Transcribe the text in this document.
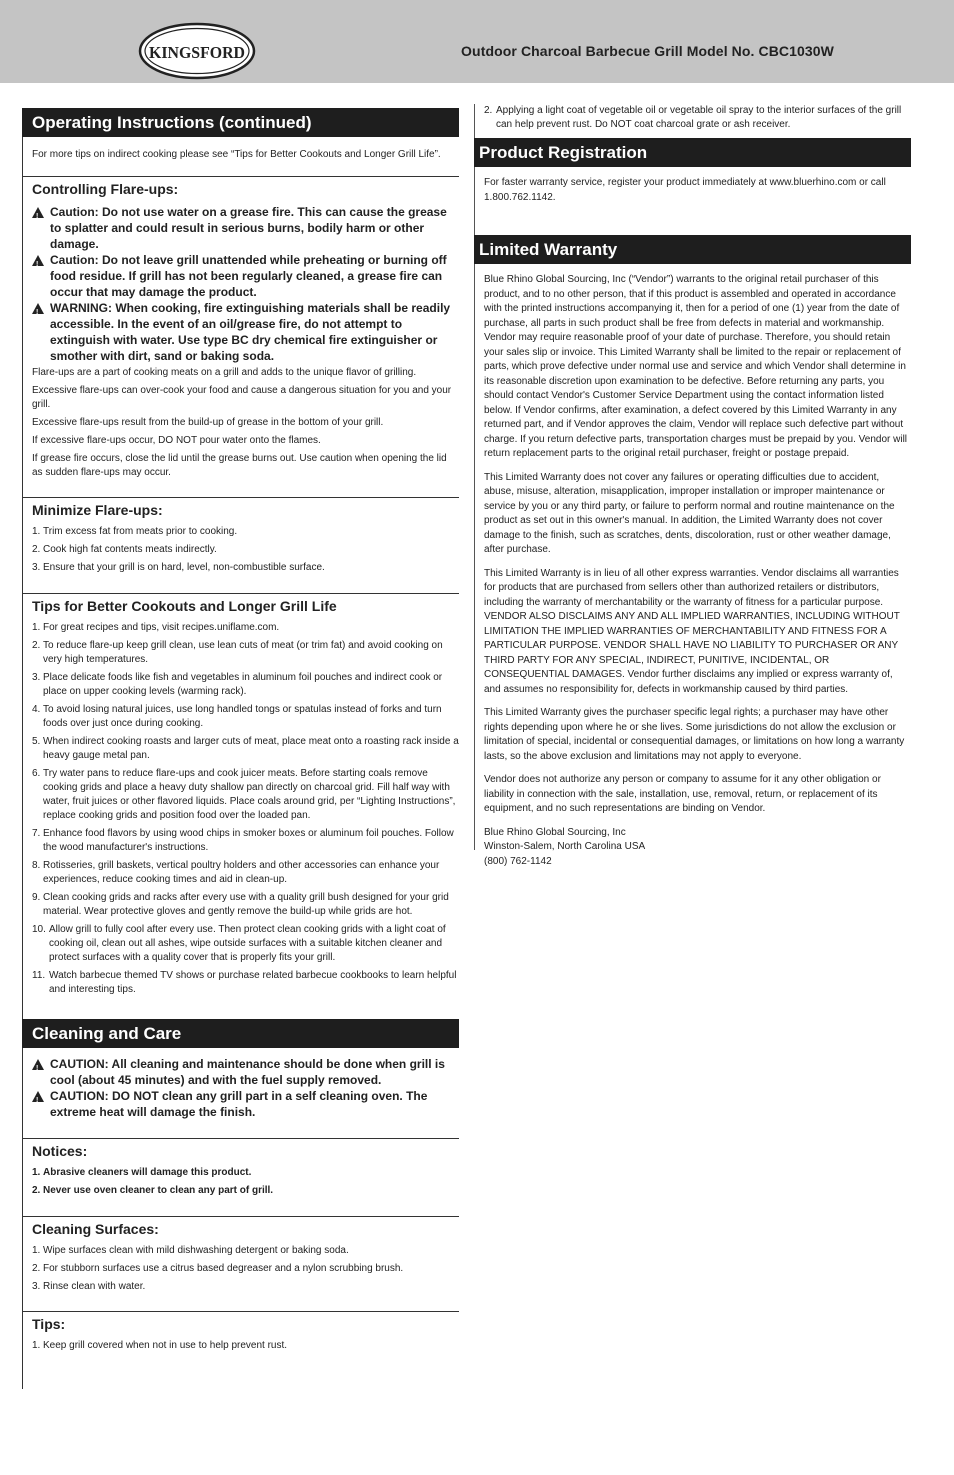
KINGSFORD	Outdoor Charcoal Barbecue Grill Model No. CBC1030W
Operating Instructions (continued)
For more tips on indirect cooking please see “Tips for Better Cookouts and Longer Grill Life”.
Controlling Flare-ups:
!
Caution: Do not use water on a grease fire. This can cause the grease to splatter and could result in serious burns, bodily harm or other damage.
!
Caution: Do not leave grill unattended while preheating or burning off food residue. If grill has not been regularly cleaned, a grease fire can occur that may damage the product.
!
WARNING: When cooking, fire extinguishing materials shall be readily accessible. In the event of an oil/grease fire, do not attempt to extinguish with water. Use type BC dry chemical fire extinguisher or smother with dirt, sand or baking soda.
Flare-ups are a part of cooking meats on a grill and adds to the unique flavor of grilling.
Excessive flare-ups can over-cook your food and cause a dangerous situation for you and your grill.
Excessive flare-ups result from the build-up of grease in the bottom of your grill.
If excessive flare-ups occur, DO NOT pour water onto the flames.
If grease fire occurs, close the lid until the grease burns out. Use caution when opening the lid as sudden flare-ups may occur.
Minimize Flare-ups:
1. Trim excess fat from meats prior to cooking.
2. Cook high fat contents meats indirectly.
3. Ensure that your grill is on hard, level, non-combustible surface.
Tips for Better Cookouts and Longer Grill Life
1. For great recipes and tips, visit recipes.uniflame.com.
2. To reduce flare-up keep grill clean, use lean cuts of meat (or trim fat) and avoid cooking on very high temperatures.
3. Place delicate foods like fish and vegetables in aluminum foil pouches and indirect cook or place on upper cooking levels (warming rack).
4. To avoid losing natural juices, use long handled tongs or spatulas instead of forks and turn foods over just once during cooking.
5. When indirect cooking roasts and larger cuts of meat, place meat onto a roasting rack inside a heavy gauge metal pan.
6. Try water pans to reduce flare-ups and cook juicer meats. Before starting coals remove cooking grids and place a heavy duty shallow pan directly on charcoal grid. Fill half way with water, fruit juices or other flavored liquids. Place coals around grid, per “Lighting Instructions”, replace cooking grids and position food over the loaded pan.
7. Enhance food flavors by using wood chips in smoker boxes or aluminum foil pouches. Follow the wood manufacturer's instructions.
8. Rotisseries, grill baskets, vertical poultry holders and other accessories can enhance your experiences, reduce cooking times and aid in clean-up.
9. Clean cooking grids and racks after every use with a quality grill bush designed for your grid material. Wear protective gloves and gently remove the build-up while grids are hot.
10. Allow grill to fully cool after every use. Then protect clean cooking grids with a light coat of cooking oil, clean out all ashes, wipe outside surfaces with a suitable kitchen cleaner and protect surfaces with a quality cover that is properly fits your grill.
11. Watch barbecue themed TV shows or purchase related barbecue cookbooks to learn helpful and interesting tips.
Cleaning and Care
!
CAUTION: All cleaning and maintenance should be done when grill is cool (about 45 minutes) and with the fuel supply removed.
!
CAUTION: DO NOT clean any grill part in a self cleaning oven. The extreme heat will damage the finish.
Notices:
1. Abrasive cleaners will damage this product.
2. Never use oven cleaner to clean any part of grill.
Cleaning Surfaces:
1. Wipe surfaces clean with mild dishwashing detergent or baking soda.
2. For stubborn surfaces use a citrus based degreaser and a nylon scrubbing brush.
3. Rinse clean with water.
Tips:
1. Keep grill covered when not in use to help prevent rust.
2. Applying a light coat of vegetable oil or vegetable oil spray to the interior surfaces of the grill can help prevent rust. Do NOT coat charcoal grate or ash receiver.
Product Registration
For faster warranty service, register your product immediately at www.bluerhino.com or call 1.800.762.1142.
Limited Warranty
Blue Rhino Global Sourcing, Inc (“Vendor”) warrants to the original retail purchaser of this product, and to no other person, that if this product is assembled and operated in accordance with the printed instructions accompanying it, then for a period of one (1) year from the date of purchase, all parts in such product shall be free from defects in material and workmanship. Vendor may require reasonable proof of your date of purchase. Therefore, you should retain your sales slip or invoice. This Limited Warranty shall be limited to the repair or replacement of parts, which prove defective under normal use and service and which Vendor shall determine in its reasonable discretion upon examination to be defective. Before returning any parts, you should contact Vendor's Customer Service Department using the contact information listed below. If Vendor confirms, after examination, a defect covered by this Limited Warranty in any returned part, and if Vendor approves the claim, Vendor will replace such defective part without charge. If you return defective parts, transportation charges must be prepaid by you. Vendor will return replacement parts to the original retail purchaser, freight or postage prepaid.
This Limited Warranty does not cover any failures or operating difficulties due to accident, abuse, misuse, alteration, misapplication, improper installation or improper maintenance or service by you or any third party, or failure to perform normal and routine maintenance on the product as set out in this owner's manual. In addition, the Limited Warranty does not cover damage to the finish, such as scratches, dents, discoloration, rust or other weather damage, after purchase.
This Limited Warranty is in lieu of all other express warranties. Vendor disclaims all warranties for products that are purchased from sellers other than authorized retailers or distributors, including the warranty of merchantability or the warranty of fitness for a particular purpose. VENDOR ALSO DISCLAIMS ANY AND ALL IMPLIED WARRANTIES, INCLUDING WITHOUT LIMITATION THE IMPLIED WARRANTIES OF MERCHANTABILITY AND FITNESS FOR A PARTICULAR PURPOSE. VENDOR SHALL HAVE NO LIABILITY TO PURCHASER OR ANY THIRD PARTY FOR ANY SPECIAL, INDIRECT, PUNITIVE, INCIDENTAL, OR CONSEQUENTIAL DAMAGES. Vendor further disclaims any implied or express warranty of, and assumes no responsibility for, defects in workmanship caused by third parties.
This Limited Warranty gives the purchaser specific legal rights; a purchaser may have other rights depending upon where he or she lives. Some jurisdictions do not allow the exclusion or limitation of special, incidental or consequential damages, or limitations on how long a warranty lasts, so the above exclusion and limitations may not apply to everyone.
Vendor does not authorize any person or company to assume for it any other obligation or liability in connection with the sale, installation, use, removal, return, or replacement of its equipment, and no such representations are binding on Vendor.
Blue Rhino Global Sourcing, Inc
Winston-Salem, North Carolina USA
(800) 762-1142
